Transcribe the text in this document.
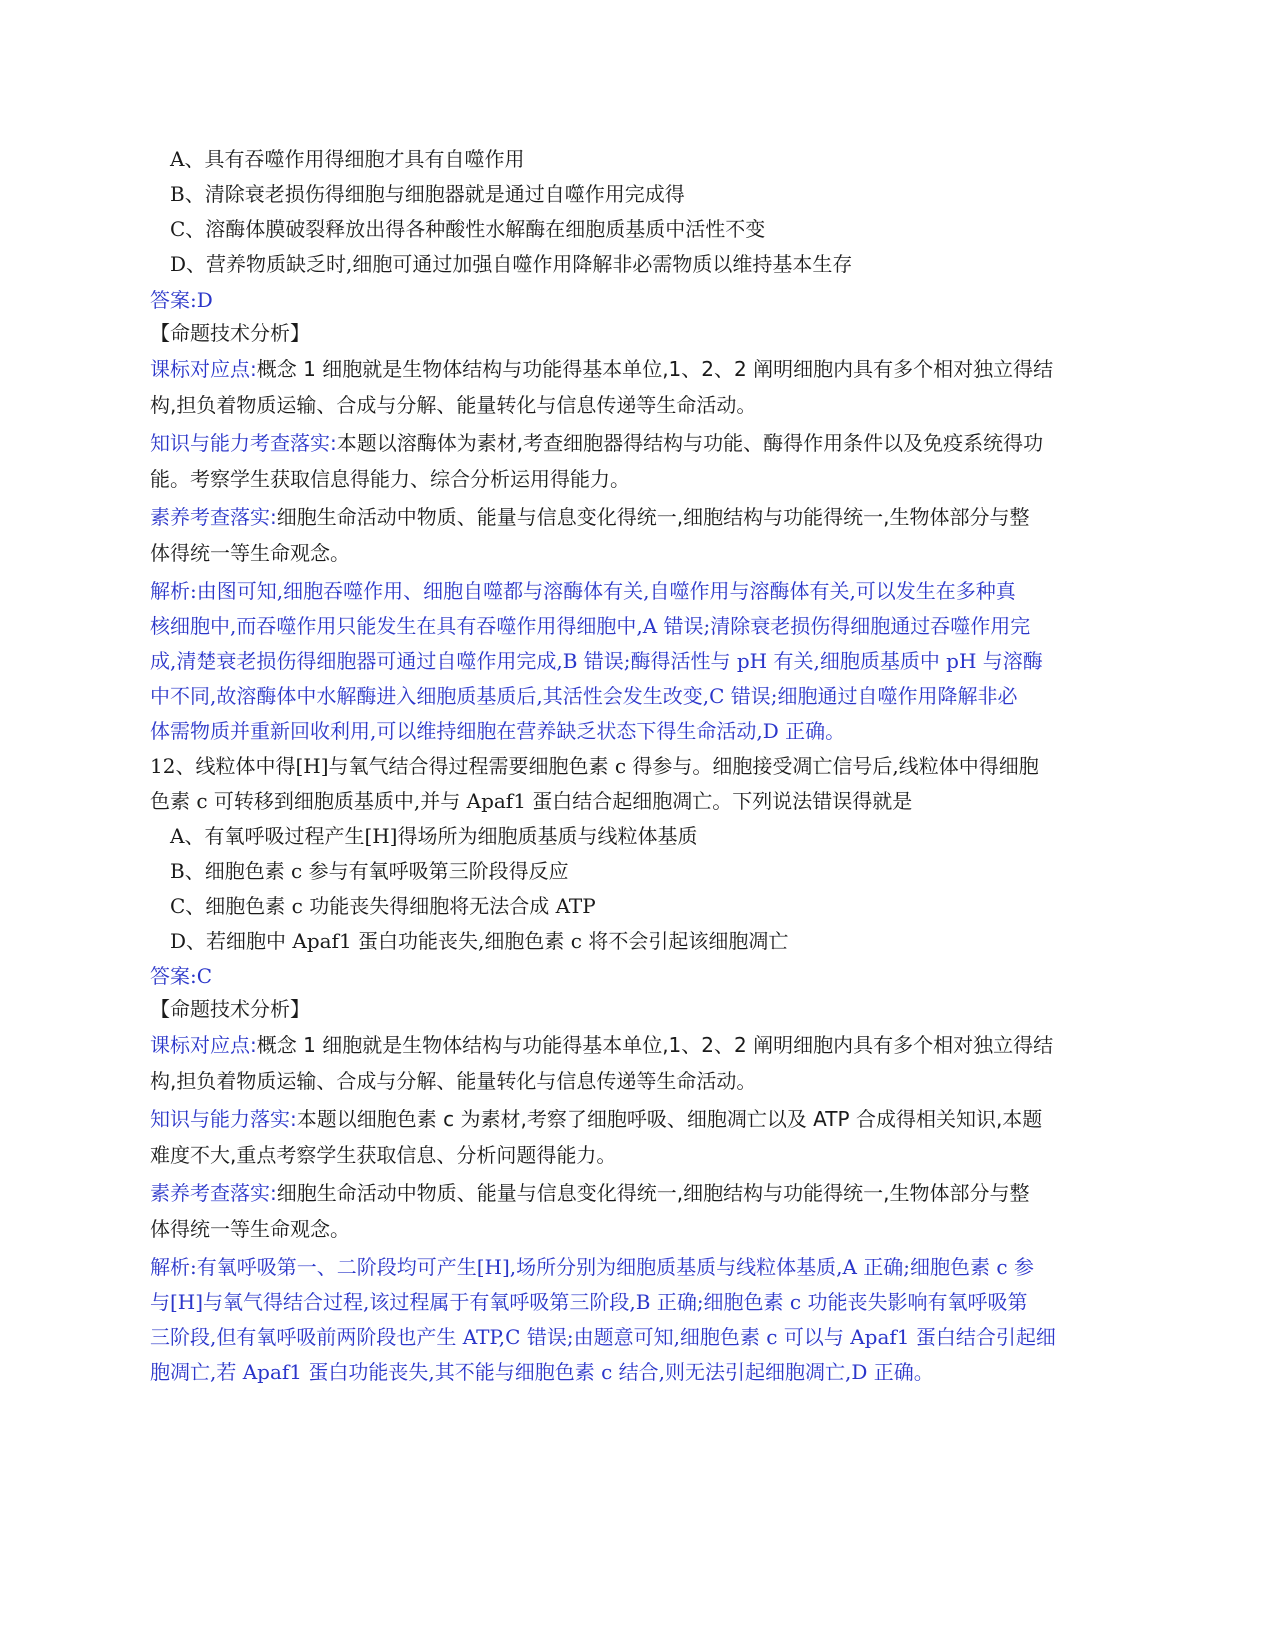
A、具有吞噬作用得细胞才具有自噬作用
B、清除衰老损伤得细胞与细胞器就是通过自噬作用完成得
C、溶酶体膜破裂释放出得各种酸性水解酶在细胞质基质中活性不变
D、营养物质缺乏时,细胞可通过加强自噬作用降解非必需物质以维持基本生存
答案:D
【命题技术分析】
课标对应点:概念 1 细胞就是生物体结构与功能得基本单位,1、2、2 阐明细胞内具有多个相对独立得结
构,担负着物质运输、合成与分解、能量转化与信息传递等生命活动。
知识与能力考查落实:本题以溶酶体为素材,考查细胞器得结构与功能、酶得作用条件以及免疫系统得功
能。考察学生获取信息得能力、综合分析运用得能力。
素养考查落实:细胞生命活动中物质、能量与信息变化得统一,细胞结构与功能得统一,生物体部分与整
体得统一等生命观念。
解析:由图可知,细胞吞噬作用、细胞自噬都与溶酶体有关,自噬作用与溶酶体有关,可以发生在多种真
核细胞中,而吞噬作用只能发生在具有吞噬作用得细胞中,A 错误;清除衰老损伤得细胞通过吞噬作用完
成,清楚衰老损伤得细胞器可通过自噬作用完成,B 错误;酶得活性与 pH 有关,细胞质基质中 pH 与溶酶
中不同,故溶酶体中水解酶进入细胞质基质后,其活性会发生改变,C 错误;细胞通过自噬作用降解非必
体需物质并重新回收利用,可以维持细胞在营养缺乏状态下得生命活动,D 正确。
12、线粒体中得[H]与氧气结合得过程需要细胞色素 c 得参与。细胞接受凋亡信号后,线粒体中得细胞
色素 c 可转移到细胞质基质中,并与 Apaf1 蛋白结合起细胞凋亡。下列说法错误得就是
A、有氧呼吸过程产生[H]得场所为细胞质基质与线粒体基质
B、细胞色素 c 参与有氧呼吸第三阶段得反应
C、细胞色素 c 功能丧失得细胞将无法合成 ATP
D、若细胞中 Apaf1 蛋白功能丧失,细胞色素 c 将不会引起该细胞凋亡
答案:C
【命题技术分析】
课标对应点:概念 1 细胞就是生物体结构与功能得基本单位,1、2、2 阐明细胞内具有多个相对独立得结
构,担负着物质运输、合成与分解、能量转化与信息传递等生命活动。
知识与能力落实:本题以细胞色素 c 为素材,考察了细胞呼吸、细胞凋亡以及 ATP 合成得相关知识,本题
难度不大,重点考察学生获取信息、分析问题得能力。
素养考查落实:细胞生命活动中物质、能量与信息变化得统一,细胞结构与功能得统一,生物体部分与整
体得统一等生命观念。
解析:有氧呼吸第一、二阶段均可产生[H],场所分别为细胞质基质与线粒体基质,A 正确;细胞色素 c 参
与[H]与氧气得结合过程,该过程属于有氧呼吸第三阶段,B 正确;细胞色素 c 功能丧失影响有氧呼吸第
三阶段,但有氧呼吸前两阶段也产生 ATP,C 错误;由题意可知,细胞色素 c 可以与 Apaf1 蛋白结合引起细
胞凋亡,若 Apaf1 蛋白功能丧失,其不能与细胞色素 c 结合,则无法引起细胞凋亡,D 正确。
